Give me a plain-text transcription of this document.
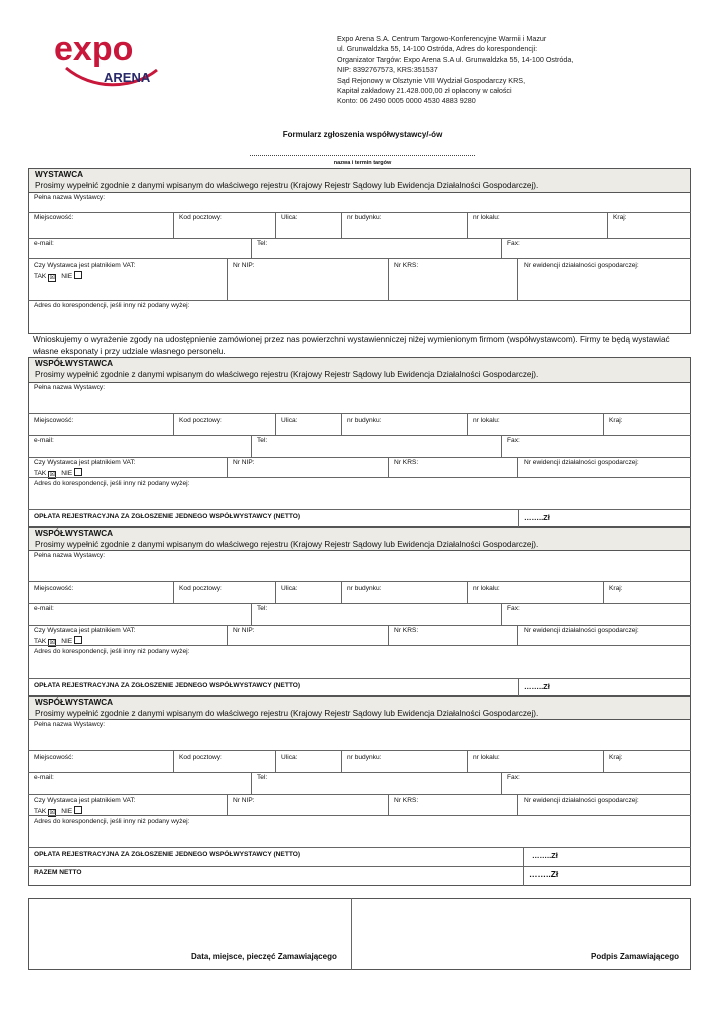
expo
ARENA
Expo Arena S.A. Centrum Targowo-Konferencyjne Warmii i Mazur
ul. Grunwaldzka 55, 14-100 Ostróda, Adres do korespondencji:
Organizator Targów: Expo Arena S.A ul. Grunwaldzka 55, 14-100 Ostróda,
NIP: 8392767573, KRS:351537
Sąd Rejonowy w Olsztynie VIII Wydział Gospodarczy KRS,
Kapitał zakładowy 21.428.000,00 zł opłacony w całości
Konto: 06 2490 0005 0000 4530 4883 9280
Formularz zgłoszenia współwystawcy/-ów
nazwa i termin targów
WYSTAWCA
Prosimy wypełnić zgodnie z danymi wpisanym do właściwego rejestru (Krajowy Rejestr Sądowy lub Ewidencja Działalności Gospodarczej).
Pełna nazwa Wystawcy:
Miejscowość:	Kod pocztowy:	Ulica:	nr budynku:	nr lokalu:	Kraj:
e-mail:	Tel:	Fax:
Czy Wystawca jest płatnikiem VAT:
TAK ☒ NIE
Nr NIP:	Nr KRS:	Nr ewidencji działalności gospodarczej:
Adres do korespondencji, jeśli inny niż podany wyżej:
Wnioskujemy o wyrażenie zgody na udostępnienie zamówionej przez nas powierzchni wystawienniczej niżej wymienionym firmom (współwystawcom). Firmy te będą wystawiać własne eksponaty i przy udziale własnego personelu.
WSPÓŁWYSTAWCA
Prosimy wypełnić zgodnie z danymi wpisanym do właściwego rejestru (Krajowy Rejestr Sądowy lub Ewidencja Działalności Gospodarczej).
Pełna nazwa Wystawcy:
Miejscowość:	Kod pocztowy:	Ulica:	nr budynku:	nr lokalu:	Kraj:
e-mail:	Tel:	Fax:
Czy Wystawca jest płatnikiem VAT:
TAK ☒ NIE
Nr NIP:	Nr KRS:	Nr ewidencji działalności gospodarczej:
Adres do korespondencji, jeśli inny niż podany wyżej:
OPŁATA REJESTRACYJNA ZA ZGŁOSZENIE JEDNEGO WSPÓŁWYSTAWCY (NETTO)	……..Zł
WSPÓŁWYSTAWCA
Prosimy wypełnić zgodnie z danymi wpisanym do właściwego rejestru (Krajowy Rejestr Sądowy lub Ewidencja Działalności Gospodarczej).
Pełna nazwa Wystawcy:
Miejscowość:	Kod pocztowy:	Ulica:	nr budynku:	nr lokalu:	Kraj:
e-mail:	Tel:	Fax:
Czy Wystawca jest płatnikiem VAT:
TAK ☒ NIE
Nr NIP:	Nr KRS:	Nr ewidencji działalności gospodarczej:
Adres do korespondencji, jeśli inny niż podany wyżej:
OPŁATA REJESTRACYJNA ZA ZGŁOSZENIE JEDNEGO WSPÓŁWYSTAWCY (NETTO)	……..Zł
WSPÓŁWYSTAWCA
Prosimy wypełnić zgodnie z danymi wpisanym do właściwego rejestru (Krajowy Rejestr Sądowy lub Ewidencja Działalności Gospodarczej).
Pełna nazwa Wystawcy:
Miejscowość:	Kod pocztowy:	Ulica:	nr budynku:	nr lokalu:	Kraj:
e-mail:	Tel:	Fax:
Czy Wystawca jest płatnikiem VAT:
TAK ☒ NIE
Nr NIP:	Nr KRS:	Nr ewidencji działalności gospodarczej:
Adres do korespondencji, jeśli inny niż podany wyżej:
OPŁATA REJESTRACYJNA ZA ZGŁOSZENIE JEDNEGO WSPÓŁWYSTAWCY (NETTO)	……..Zł
RAZEM NETTO	……..Zł
Data, miejsce, pieczęć Zamawiającego	Podpis Zamawiającego
